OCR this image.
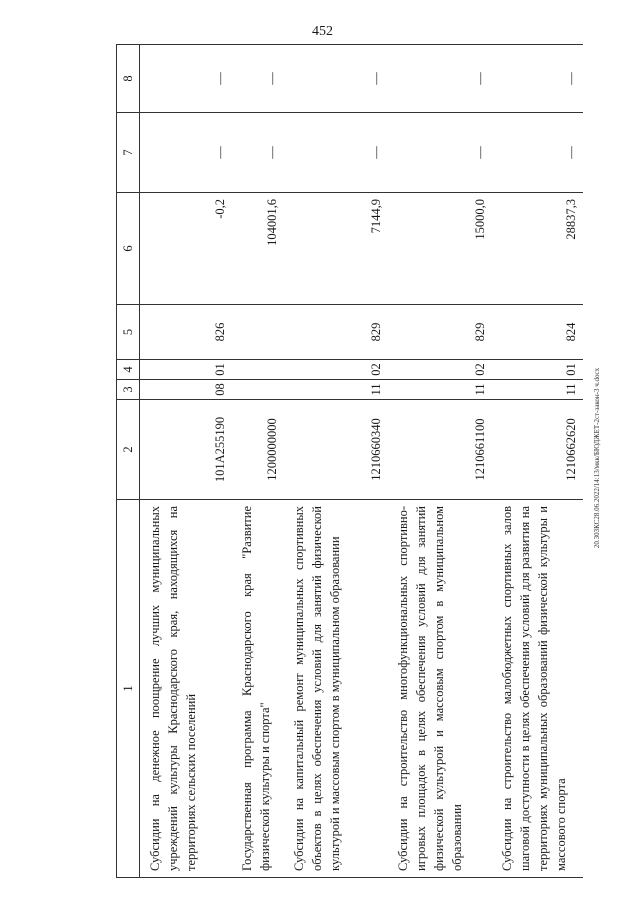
452
20.30ЗКС28.06.2022/14:13/мкк/БЮДЖЕТ-2ст-закон-3 ч.docx
1	2	3	4	5	6	7	8
Субсидии на денежное поощрение лучших муниципальных учреждений культуры Краснодарского края, находящихся на территориях сельских поселений	101А255190	08	01	826	-0,2	—	—
Государственная программа Краснодарского края "Развитие физической культуры и спорта"	1200000000				104001,6	—	—
Субсидии на капитальный ремонт муниципальных спортивных объектов в целях обеспечения условий для занятий физической культурой и массовым спортом в муниципальном образовании	1210660340	11	02	829	7144,9	—	—
Субсидии на строительство многофункциональных спортивно-игровых площадок в целях обеспечения условий для занятий физической культурой и массовым спортом в муниципальном образовании	1210661100	11	02	829	15000,0	—	—
Субсидии на строительство малобюджетных спортивных залов шаговой доступности в целях обеспечения условий для развития на территориях муниципальных образований физической культуры и массового спорта	1210662620	11	01	824	28837,3	—	—
